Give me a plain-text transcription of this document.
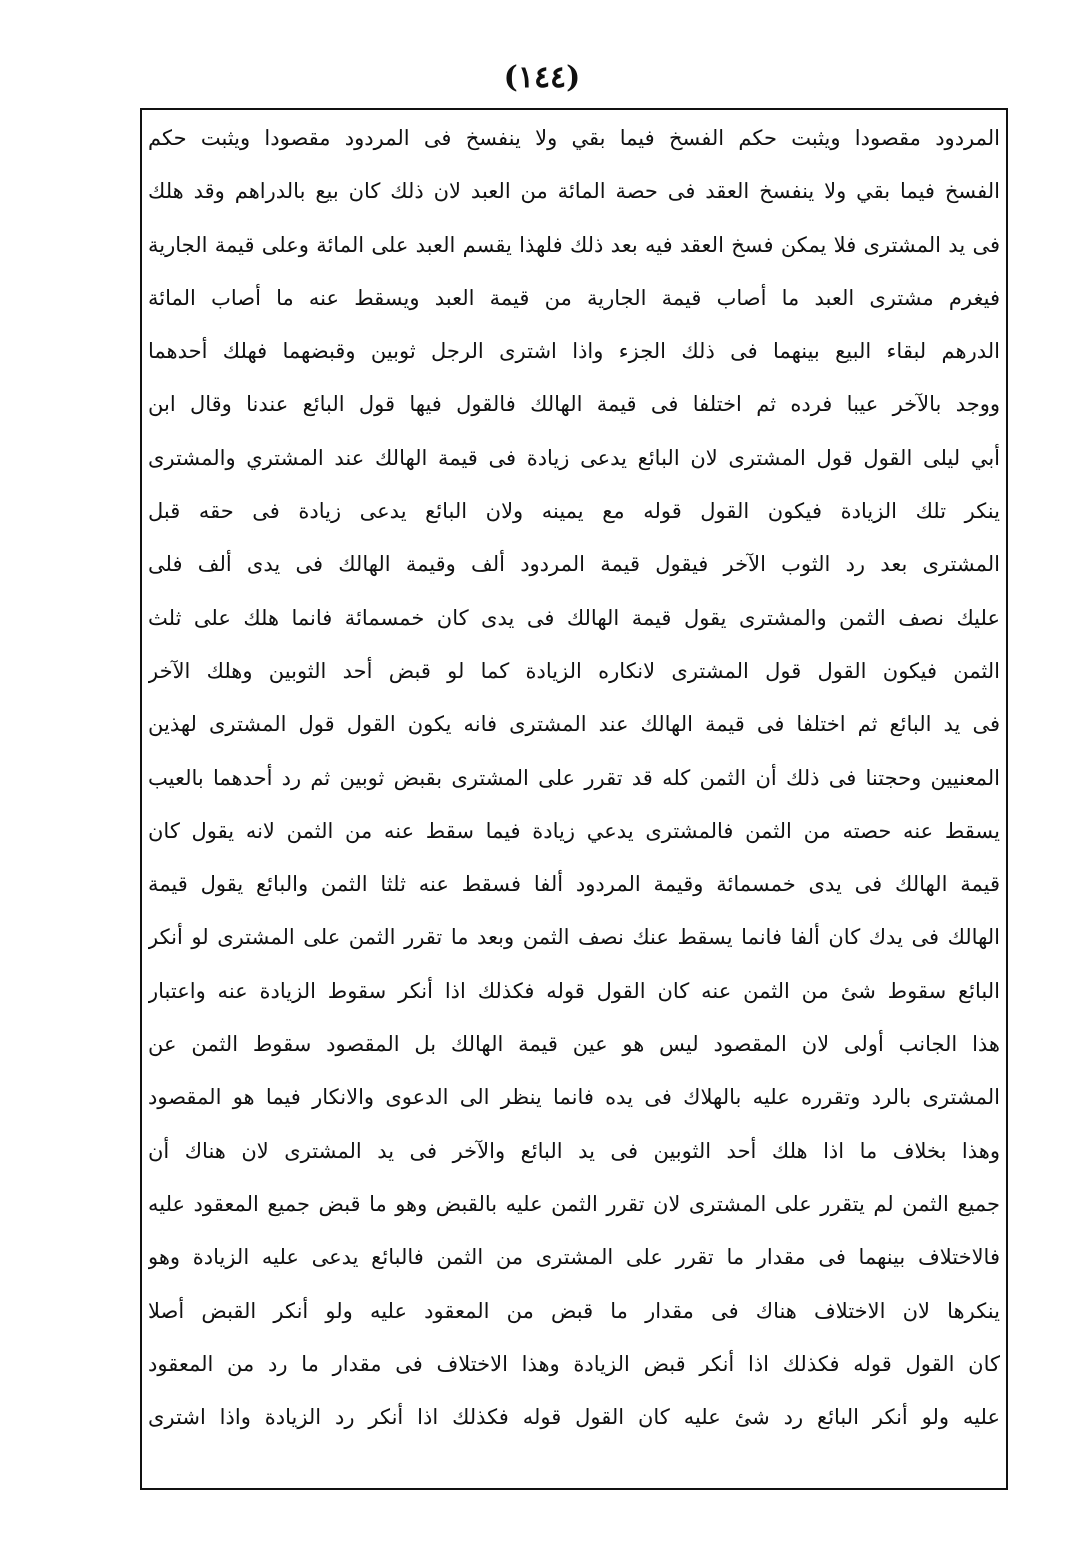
(١٤٤)
المردود مقصودا ويثبت حكم الفسخ فيما بقي ولا ينفسخ فى المردود مقصودا ويثبت حكم
الفسخ فيما بقي ولا ينفسخ العقد فى حصة المائة من العبد لان ذلك كان بيع بالدراهم وقد هلك
فى يد المشترى فلا يمكن فسخ العقد فيه بعد ذلك فلهذا يقسم العبد على المائة وعلى قيمة الجارية
فيغرم مشترى العبد ما أصاب قيمة الجارية من قيمة العبد ويسقط عنه ما أصاب المائة
الدرهم لبقاء البيع بينهما فى ذلك الجزء واذا اشترى الرجل ثوبين وقبضهما فهلك أحدهما
ووجد بالآخر عيبا فرده ثم اختلفا فى قيمة الهالك فالقول فيها قول البائع عندنا وقال ابن
أبي ليلى القول قول المشترى لان البائع يدعى زيادة فى قيمة الهالك عند المشتري والمشترى
ينكر تلك الزيادة فيكون القول قوله مع يمينه ولان البائع يدعى زيادة فى حقه قبل
المشترى بعد رد الثوب الآخر فيقول قيمة المردود ألف وقيمة الهالك فى يدى ألف فلى
عليك نصف الثمن والمشترى يقول قيمة الهالك فى يدى كان خمسمائة فانما هلك على ثلث
الثمن فيكون القول قول المشترى لانكاره الزيادة كما لو قبض أحد الثوبين وهلك الآخر
فى يد البائع ثم اختلفا فى قيمة الهالك عند المشترى فانه يكون القول قول المشترى لهذين
المعنيين وحجتنا فى ذلك أن الثمن كله قد تقرر على المشترى بقبض ثوبين ثم رد أحدهما بالعيب
يسقط عنه حصته من الثمن فالمشترى يدعي زيادة فيما سقط عنه من الثمن لانه يقول كان
قيمة الهالك فى يدى خمسمائة وقيمة المردود ألفا فسقط عنه ثلثا الثمن والبائع يقول قيمة
الهالك فى يدك كان ألفا فانما يسقط عنك نصف الثمن وبعد ما تقرر الثمن على المشترى لو أنكر
البائع سقوط شئ من الثمن عنه كان القول قوله فكذلك اذا أنكر سقوط الزيادة عنه واعتبار
هذا الجانب أولى لان المقصود ليس هو عين قيمة الهالك بل المقصود سقوط الثمن عن
المشترى بالرد وتقرره عليه بالهلاك فى يده فانما ينظر الى الدعوى والانكار فيما هو المقصود
وهذا بخلاف ما اذا هلك أحد الثوبين فى يد البائع والآخر فى يد المشترى لان هناك أن
جميع الثمن لم يتقرر على المشترى لان تقرر الثمن عليه بالقبض وهو ما قبض جميع المعقود عليه
فالاختلاف بينهما فى مقدار ما تقرر على المشترى من الثمن فالبائع يدعى عليه الزيادة وهو
ينكرها لان الاختلاف هناك فى مقدار ما قبض من المعقود عليه ولو أنكر القبض أصلا
كان القول قوله فكذلك اذا أنكر قبض الزيادة وهذا الاختلاف فى مقدار ما رد من المعقود
عليه ولو أنكر البائع رد شئ عليه كان القول قوله فكذلك اذا أنكر رد الزيادة واذا اشترى
